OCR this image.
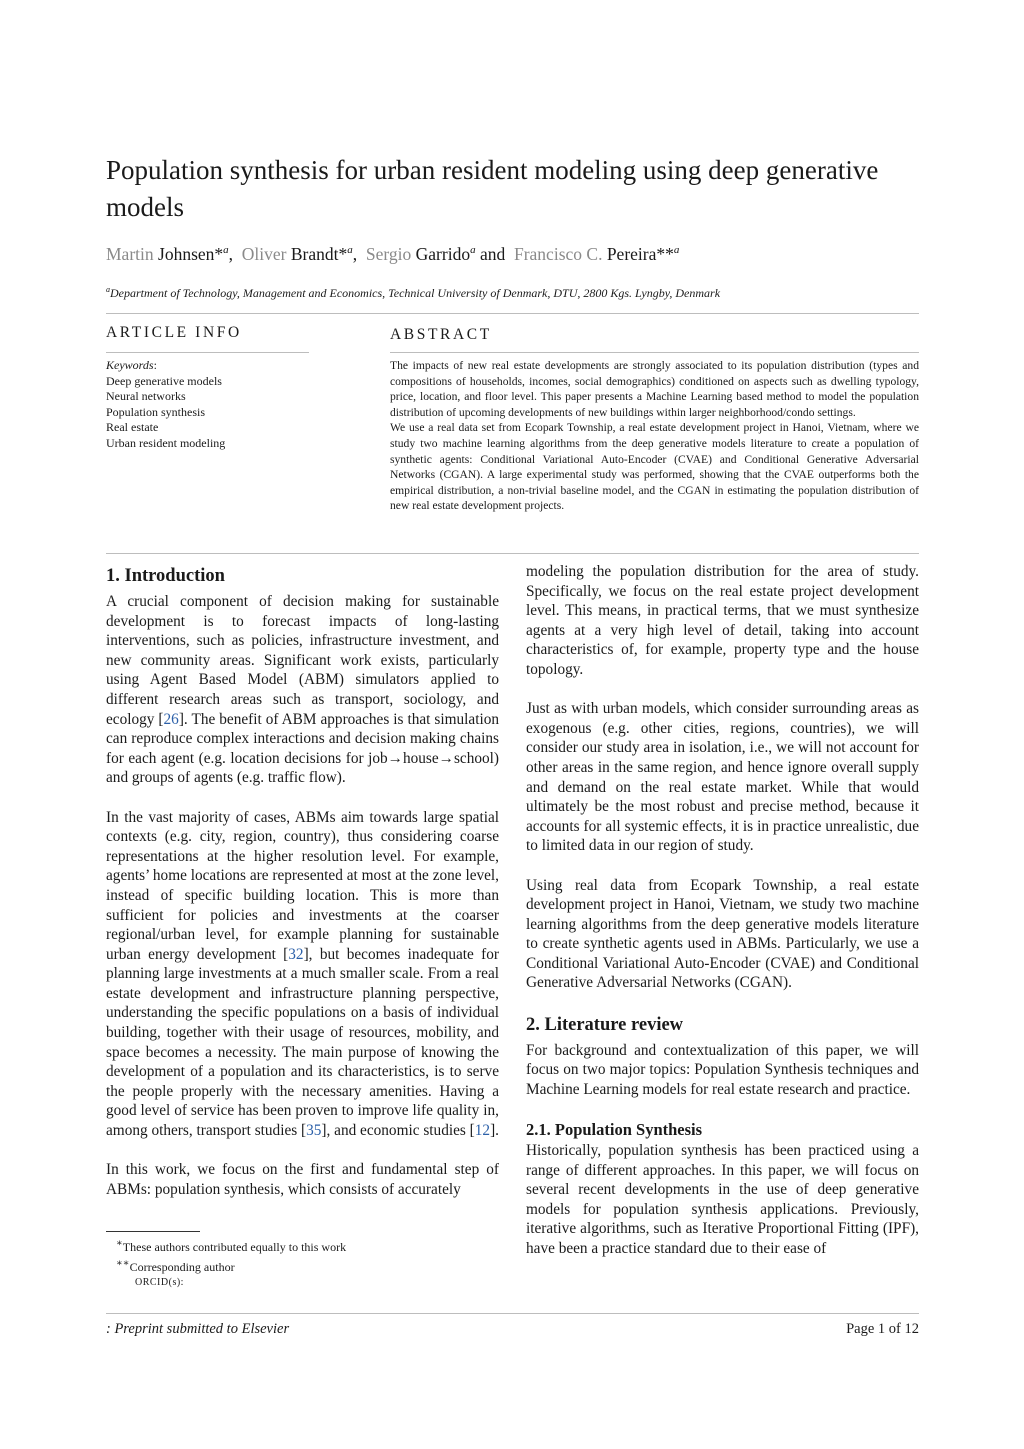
Population synthesis for urban resident modeling using deep generative models
Martin Johnsen*$^a$,  Oliver Brandt*$^a$,  Sergio Garrido$^a$ and  Francisco C. Pereira**$^a$
$^a$Department of Technology, Management and Economics, Technical University of Denmark, DTU, 2800 Kgs. Lyngby, Denmark
ARTICLE INFO	ABSTRACT
Keywords:
Deep generative models
Neural networks
Population synthesis
Real estate
Urban resident modeling

The impacts of new real estate developments are strongly associated to its population distribution (types and compositions of households, incomes, social demographics) conditioned on aspects such as dwelling typology, price, location, and floor level. This paper presents a Machine Learning based method to model the population distribution of upcoming developments of new buildings within larger neighborhood/condo settings.

We use a real data set from Ecopark Township, a real estate development project in Hanoi, Vietnam, where we study two machine learning algorithms from the deep generative models literature to create a population of synthetic agents: Conditional Variational Auto-Encoder (CVAE) and Conditional Generative Adversarial Networks (CGAN). A large experimental study was performed, showing that the CVAE outperforms both the empirical distribution, a non-trivial baseline model, and the CGAN in estimating the population distribution of new real estate development projects.

1. Introduction

A crucial component of decision making for sustainable development is to forecast impacts of long-lasting interventions, such as policies, infrastructure investment, and new community areas. Significant work exists, particularly using Agent Based Model (ABM) simulators applied to different research areas such as transport, sociology, and ecology [26]. The benefit of ABM approaches is that simulation can reproduce complex interactions and decision making chains for each agent (e.g. location decisions for job→house→school) and groups of agents (e.g. traffic flow).

In the vast majority of cases, ABMs aim towards large spatial contexts (e.g. city, region, country), thus considering coarse representations at the higher resolution level. For example, agents’ home locations are represented at most at the zone level, instead of specific building location. This is more than sufficient for policies and investments at the coarser regional/urban level, for example planning for sustainable urban energy development [32], but becomes inadequate for planning large investments at a much smaller scale. From a real estate development and infrastructure planning perspective, understanding the specific populations on a basis of individual building, together with their usage of resources, mobility, and space becomes a necessity. The main purpose of knowing the development of a population and its characteristics, is to serve the people properly with the necessary amenities. Having a good level of service has been proven to improve life quality in, among others, transport studies [35], and economic studies [12].

In this work, we focus on the first and fundamental step of ABMs: population synthesis, which consists of accurately

∗These authors contributed equally to this work
∗∗Corresponding author
ORCID(s):

modeling the population distribution for the area of study. Specifically, we focus on the real estate project development level. This means, in practical terms, that we must synthesize agents at a very high level of detail, taking into account characteristics of, for example, property type and the house topology.

Just as with urban models, which consider surrounding areas as exogenous (e.g. other cities, regions, countries), we will consider our study area in isolation, i.e., we will not account for other areas in the same region, and hence ignore overall supply and demand on the real estate market. While that would ultimately be the most robust and precise method, because it accounts for all systemic effects, it is in practice unrealistic, due to limited data in our region of study.

Using real data from Ecopark Township, a real estate development project in Hanoi, Vietnam, we study two machine learning algorithms from the deep generative models literature to create synthetic agents used in ABMs. Particularly, we use a Conditional Variational Auto-Encoder (CVAE) and Conditional Generative Adversarial Networks (CGAN).

2. Literature review

For background and contextualization of this paper, we will focus on two major topics: Population Synthesis techniques and Machine Learning models for real estate research and practice.

2.1. Population Synthesis

Historically, population synthesis has been practiced using a range of different approaches. In this paper, we will focus on several recent developments in the use of deep generative models for population synthesis applications. Previously, iterative algorithms, such as Iterative Proportional Fitting (IPF), have been a practice standard due to their ease of

: Preprint submitted to Elsevier	Page 1 of 12
